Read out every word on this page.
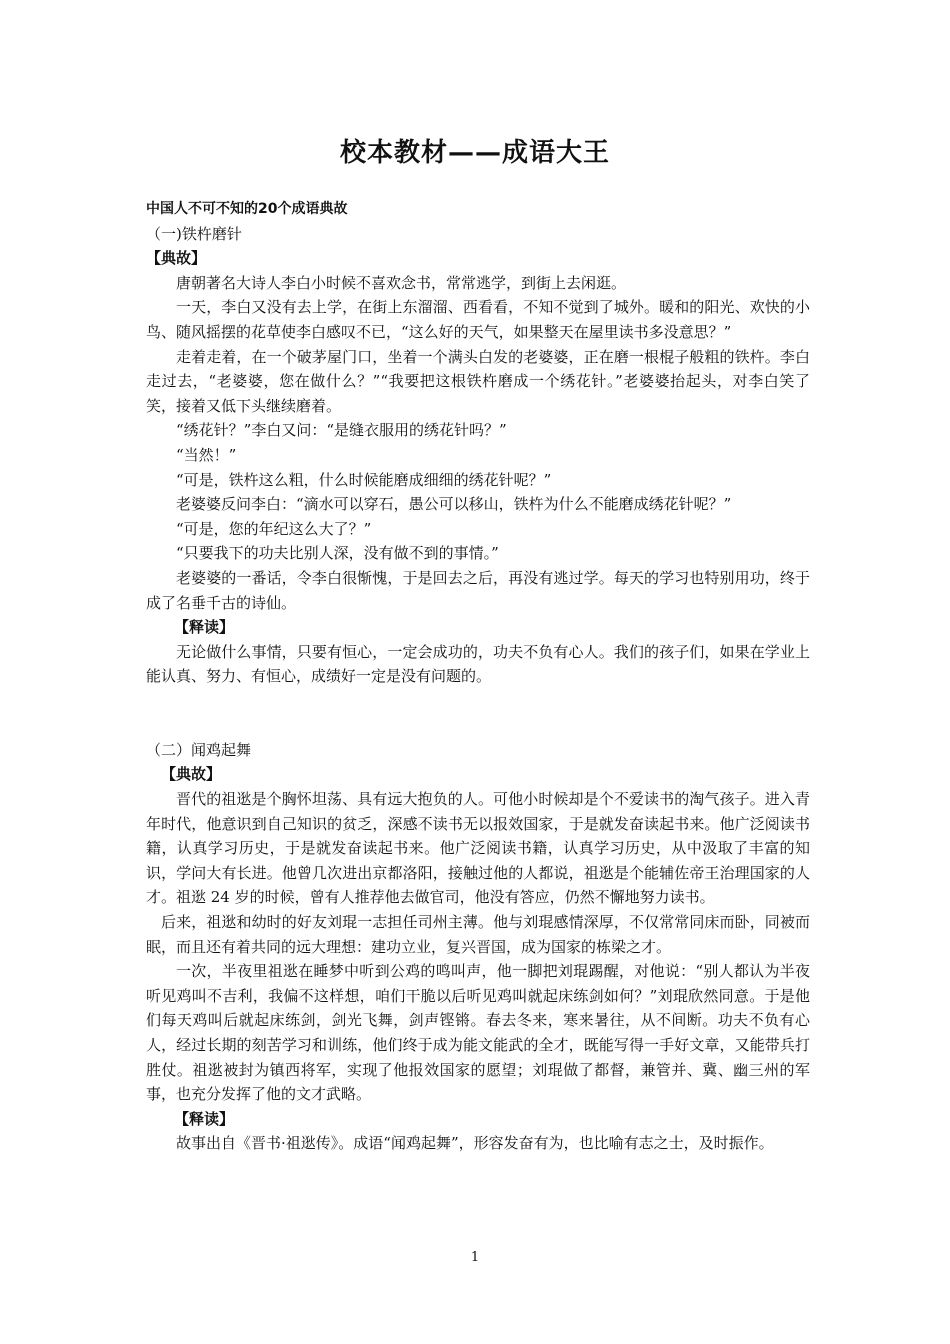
校本教材——成语大王

中国人不可不知的20个成语典故

（一)铁杵磨针

【典故】

唐朝著名大诗人李白小时候不喜欢念书，常常逃学，到街上去闲逛。

一天，李白又没有去上学，在街上东溜溜、西看看，不知不觉到了城外。暖和的阳光、欢快的小鸟、随风摇摆的花草使李白感叹不已，“这么好的天气，如果整天在屋里读书多没意思？”

走着走着，在一个破茅屋门口，坐着一个满头白发的老婆婆，正在磨一根棍子般粗的铁杵。李白走过去，“老婆婆，您在做什么？”“我要把这根铁杵磨成一个绣花针。”老婆婆抬起头，对李白笑了笑，接着又低下头继续磨着。

“绣花针？”李白又问：“是缝衣服用的绣花针吗？”

“当然！”

“可是，铁杵这么粗，什么时候能磨成细细的绣花针呢？”

老婆婆反问李白：“滴水可以穿石，愚公可以移山，铁杵为什么不能磨成绣花针呢？”

“可是，您的年纪这么大了？”

“只要我下的功夫比别人深，没有做不到的事情。”

老婆婆的一番话，令李白很惭愧，于是回去之后，再没有逃过学。每天的学习也特别用功，终于成了名垂千古的诗仙。

【释读】

无论做什么事情，只要有恒心，一定会成功的，功夫不负有心人。我们的孩子们，如果在学业上能认真、努力、有恒心，成绩好一定是没有问题的。

（二）闻鸡起舞

【典故】

晋代的祖逖是个胸怀坦荡、具有远大抱负的人。可他小时候却是个不爱读书的淘气孩子。进入青年时代，他意识到自己知识的贫乏，深感不读书无以报效国家，于是就发奋读起书来。他广泛阅读书籍，认真学习历史，于是就发奋读起书来。他广泛阅读书籍，认真学习历史，从中汲取了丰富的知识，学问大有长进。他曾几次进出京都洛阳，接触过他的人都说，祖逖是个能辅佐帝王治理国家的人才。祖逖 24 岁的时候，曾有人推荐他去做官司，他没有答应，仍然不懈地努力读书。

后来，祖逖和幼时的好友刘琨一志担任司州主薄。他与刘琨感情深厚，不仅常常同床而卧，同被而眠，而且还有着共同的远大理想：建功立业，复兴晋国，成为国家的栋梁之才。

一次，半夜里祖逖在睡梦中听到公鸡的鸣叫声，他一脚把刘琨踢醒，对他说：“别人都认为半夜听见鸡叫不吉利，我偏不这样想，咱们干脆以后听见鸡叫就起床练剑如何？”刘琨欣然同意。于是他们每天鸡叫后就起床练剑，剑光飞舞，剑声铿锵。春去冬来，寒来暑往，从不间断。功夫不负有心人，经过长期的刻苦学习和训练，他们终于成为能文能武的全才，既能写得一手好文章，又能带兵打胜仗。祖逖被封为镇西将军，实现了他报效国家的愿望；刘琨做了都督，兼管并、冀、幽三州的军事，也充分发挥了他的文才武略。

【释读】

故事出自《晋书·祖逖传》。成语“闻鸡起舞”，形容发奋有为，也比喻有志之士，及时振作。

1
